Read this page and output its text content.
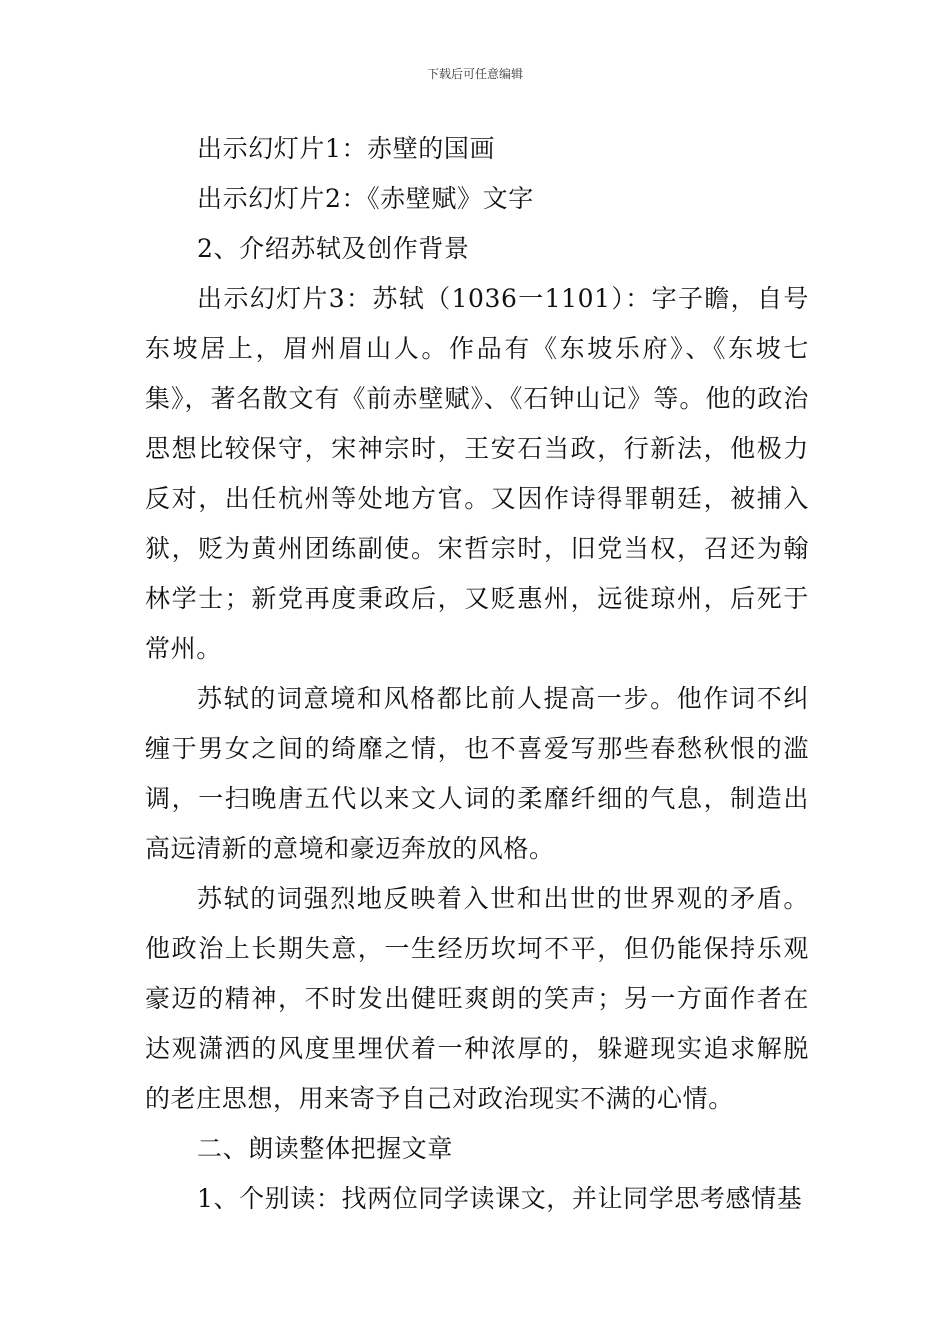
下载后可任意编辑

出示幻灯片1：赤壁的国画

出示幻灯片2：《赤壁赋》文字

2、介绍苏轼及创作背景

出示幻灯片3：苏轼（1036一1101）：字子瞻，自号东坡居上，眉州眉山人。作品有《东坡乐府》、《东坡七集》，著名散文有《前赤壁赋》、《石钟山记》等。他的政治思想比较保守，宋神宗时，王安石当政，行新法，他极力反对，出任杭州等处地方官。又因作诗得罪朝廷，被捕入狱，贬为黄州团练副使。宋哲宗时，旧党当权，召还为翰林学士；新党再度秉政后，又贬惠州，远徙琼州，后死于常州。

苏轼的词意境和风格都比前人提高一步。他作词不纠缠于男女之间的绮靡之情，也不喜爱写那些春愁秋恨的滥调，一扫晚唐五代以来文人词的柔靡纤细的气息，制造出高远清新的意境和豪迈奔放的风格。

苏轼的词强烈地反映着入世和出世的世界观的矛盾。他政治上长期失意，一生经历坎坷不平，但仍能保持乐观豪迈的精神，不时发出健旺爽朗的笑声；另一方面作者在达观潇洒的风度里埋伏着一种浓厚的，躲避现实追求解脱的老庄思想，用来寄予自己对政治现实不满的心情。

二、朗读整体把握文章

1、个别读：找两位同学读课文，并让同学思考感情基
